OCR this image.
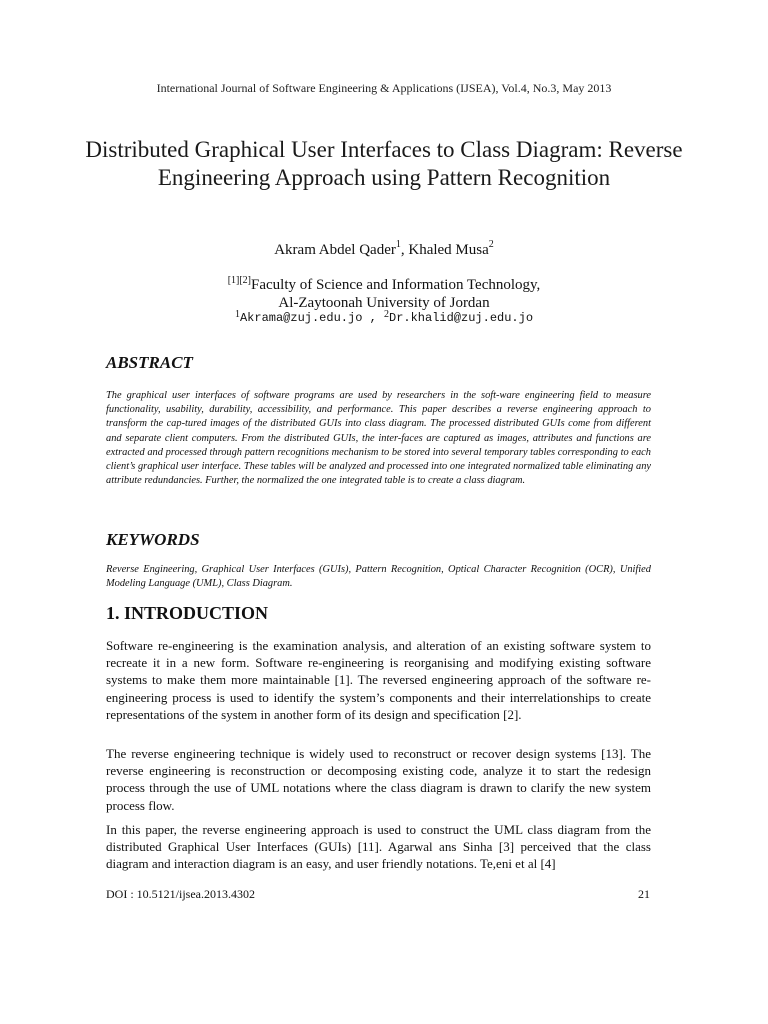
International Journal of Software Engineering & Applications (IJSEA), Vol.4, No.3, May 2013
Distributed Graphical User Interfaces to Class Diagram: Reverse Engineering Approach using Pattern Recognition
Akram Abdel Qader$^1$, Khaled Musa$^2$
[1][2]Faculty of Science and Information Technology,
Al-Zaytoonah University of Jordan
$^1$Akrama@zuj.edu.jo , $^2$Dr.khalid@zuj.edu.jo
ABSTRACT

The graphical user interfaces of software programs are used by researchers in the soft-ware engineering field to measure functionality, usability, durability, accessibility, and performance. This paper describes a reverse engineering approach to transform the cap-tured images of the distributed GUIs into class diagram. The processed distributed GUIs come from different and separate client computers. From the distributed GUIs, the inter-faces are captured as images, attributes and functions are extracted and processed through pattern recognitions mechanism to be stored into several temporary tables corresponding to each client’s graphical user interface. These tables will be analyzed and processed into one integrated normalized table eliminating any attribute redundancies. Further, the normalized the one integrated table is to create a class diagram.

KEYWORDS

Reverse Engineering, Graphical User Interfaces (GUIs), Pattern Recognition, Optical Character Recognition (OCR), Unified Modeling Language (UML), Class Diagram.

1. INTRODUCTION

Software re-engineering is the examination analysis, and alteration of an existing software system to recreate it in a new form. Software re-engineering is reorganising and modifying existing software systems to make them more maintainable [1]. The reversed engineering approach of the software re-engineering process is used to identify the system’s components and their interrelationships to create representations of the system in another form of its design and specification [2].

The reverse engineering technique is widely used to reconstruct or recover design systems [13]. The reverse engineering is reconstruction or decomposing existing code, analyze it to start the redesign process through the use of UML notations where the class diagram is drawn to clarify the new system process flow.

In this paper, the reverse engineering approach is used to construct the UML class diagram from the distributed Graphical User Interfaces (GUIs) [11]. Agarwal ans Sinha [3] perceived that the class diagram and interaction diagram is an easy, and user friendly notations. Te,eni et al [4]

DOI : 10.5121/ijsea.2013.4302	21
